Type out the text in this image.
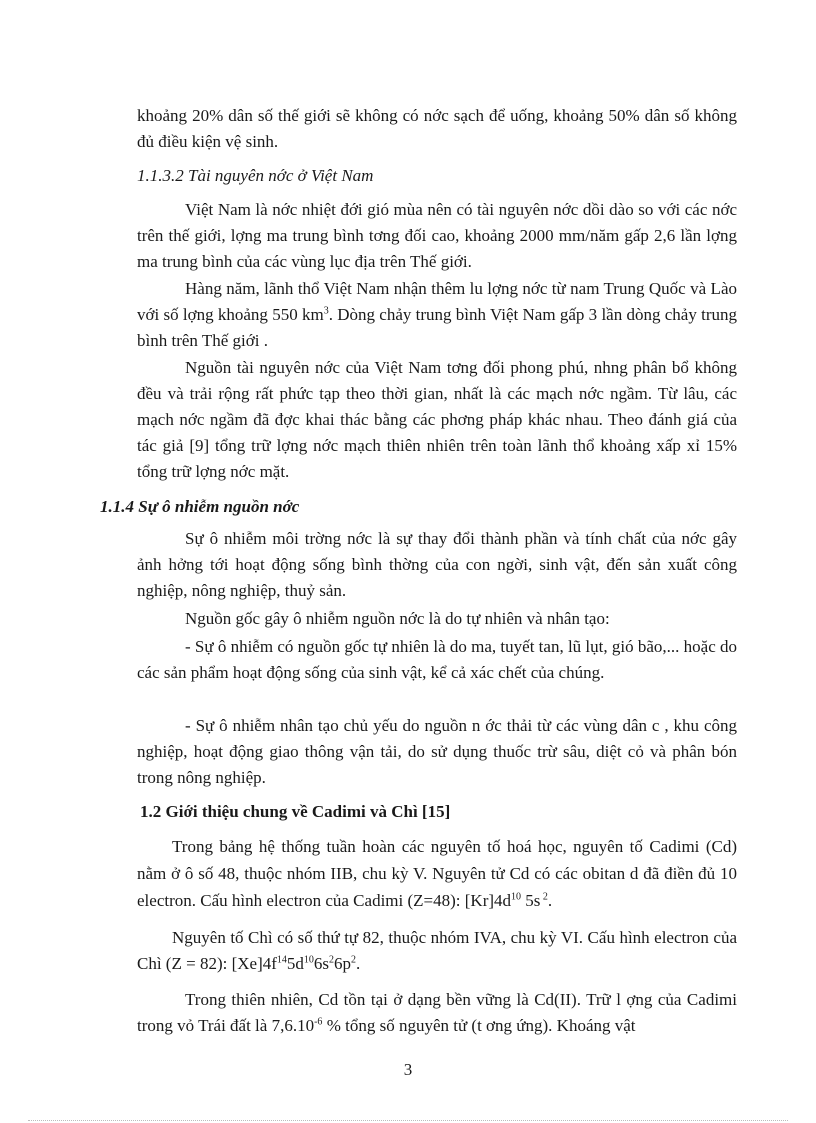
khoảng 20% dân số thế giới sẽ không có nớc sạch để uống, khoảng 50% dân số không đủ điều kiện vệ sinh.

1.1.3.2 Tài nguyên nớc ở Việt Nam

Việt Nam là nớc nhiệt đới gió mùa nên có tài nguyên nớc dồi dào so với các nớc trên thế giới, lợng ma trung bình tơng đối cao, khoảng 2000 mm/năm gấp 2,6 lần lợng ma trung bình của các vùng lục địa trên Thế giới.

Hàng năm, lãnh thổ Việt Nam nhận thêm lu lợng nớc từ nam Trung Quốc và Lào với số lợng khoảng 550 $km^3$. Dòng chảy trung bình Việt Nam gấp 3 lần dòng chảy trung bình trên Thế giới .

Nguồn tài nguyên nớc của Việt Nam tơng đối phong phú, nhng phân bổ không đều và trải rộng rất phức tạp theo thời gian, nhất là các mạch nớc ngầm. Từ lâu, các mạch nớc ngầm đã đợc khai thác bằng các phơng pháp khác nhau. Theo đánh giá của tác giả [9] tổng trữ lợng nớc mạch thiên nhiên trên toàn lãnh thổ khoảng xấp xỉ 15% tổng trữ lợng nớc mặt.

1.1.4 Sự ô nhiễm nguồn nớc

Sự ô nhiễm môi trờng nớc là sự thay đổi thành phần và tính chất của nớc gây ảnh hởng tới hoạt động sống bình thờng của con ngời, sinh vật, đến sản xuất công nghiệp, nông nghiệp, thuỷ sản.

Nguồn gốc gây ô nhiễm nguồn nớc là do tự nhiên và nhân tạo:

- Sự ô nhiễm có nguồn gốc tự nhiên là do ma, tuyết tan, lũ lụt, gió bão,... hoặc do các sản phẩm hoạt động sống của sinh vật, kể cả xác chết của chúng.

- Sự ô nhiễm nhân tạo chủ yếu do nguồn n ớc thải từ các vùng dân c , khu công nghiệp, hoạt động giao thông vận tải, do sử dụng thuốc trừ sâu, diệt cỏ và phân bón trong nông nghiệp.

1.2 Giới thiệu chung về Cadimi và Chì [15]

Trong bảng hệ thống tuần hoàn các nguyên tố hoá học, nguyên tố Cadimi (Cd) nằm ở ô số 48, thuộc nhóm IIB, chu kỳ V. Nguyên tử Cd có các obitan d đã điền đủ 10 electron. Cấu hình electron của Cadimi (Z=48): $[Kr]4d^{10}$ 5s $^2$.

Nguyên tố Chì có số thứ tự 82, thuộc nhóm IVA, chu kỳ VI. Cấu hình electron của Chì (Z = 82): $[Xe]4f^{14}5d^{10}6s^26p^2$.

Trong thiên nhiên, Cd tồn tại ở dạng bền vững là Cd(II). Trữ l ợng của Cadimi trong vỏ Trái đất là $7,6.10^{-6}$ % tổng số nguyên tử (t ơng ứng). Khoáng vật

3
